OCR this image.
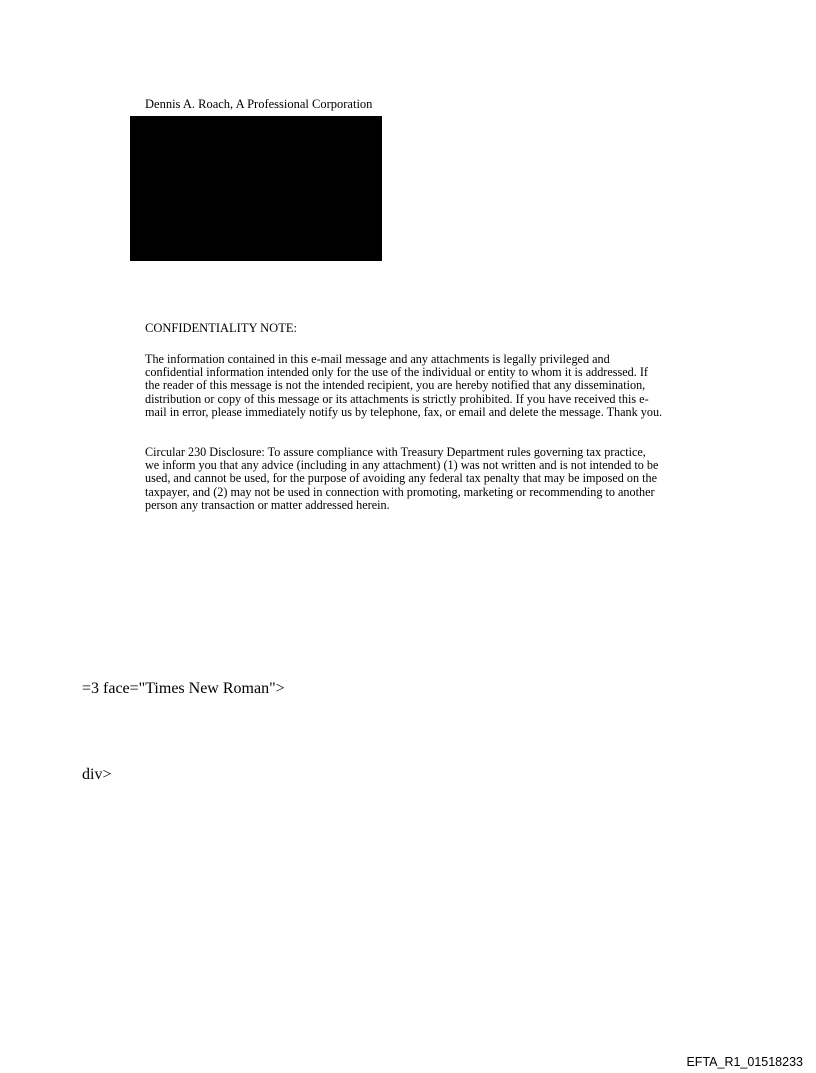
Dennis A. Roach, A Professional Corporation
CONFIDENTIALITY NOTE:
The information contained in this e-mail message and any attachments is legally privileged and
confidential information intended only for the use of the individual or entity to whom it is addressed. If
the reader of this message is not the intended recipient, you are hereby notified that any dissemination,
distribution or copy of this message or its attachments is strictly prohibited. If you have received this e-
mail in error, please immediately notify us by telephone, fax, or email and delete the message. Thank you.
Circular 230 Disclosure: To assure compliance with Treasury Department rules governing tax practice,
we inform you that any advice (including in any attachment) (1) was not written and is not intended to be
used, and cannot be used, for the purpose of avoiding any federal tax penalty that may be imposed on the
taxpayer, and (2) may not be used in connection with promoting, marketing or recommending to another
person any transaction or matter addressed herein.
=3 face="Times New Roman">
div>
EFTA_R1_01518233
